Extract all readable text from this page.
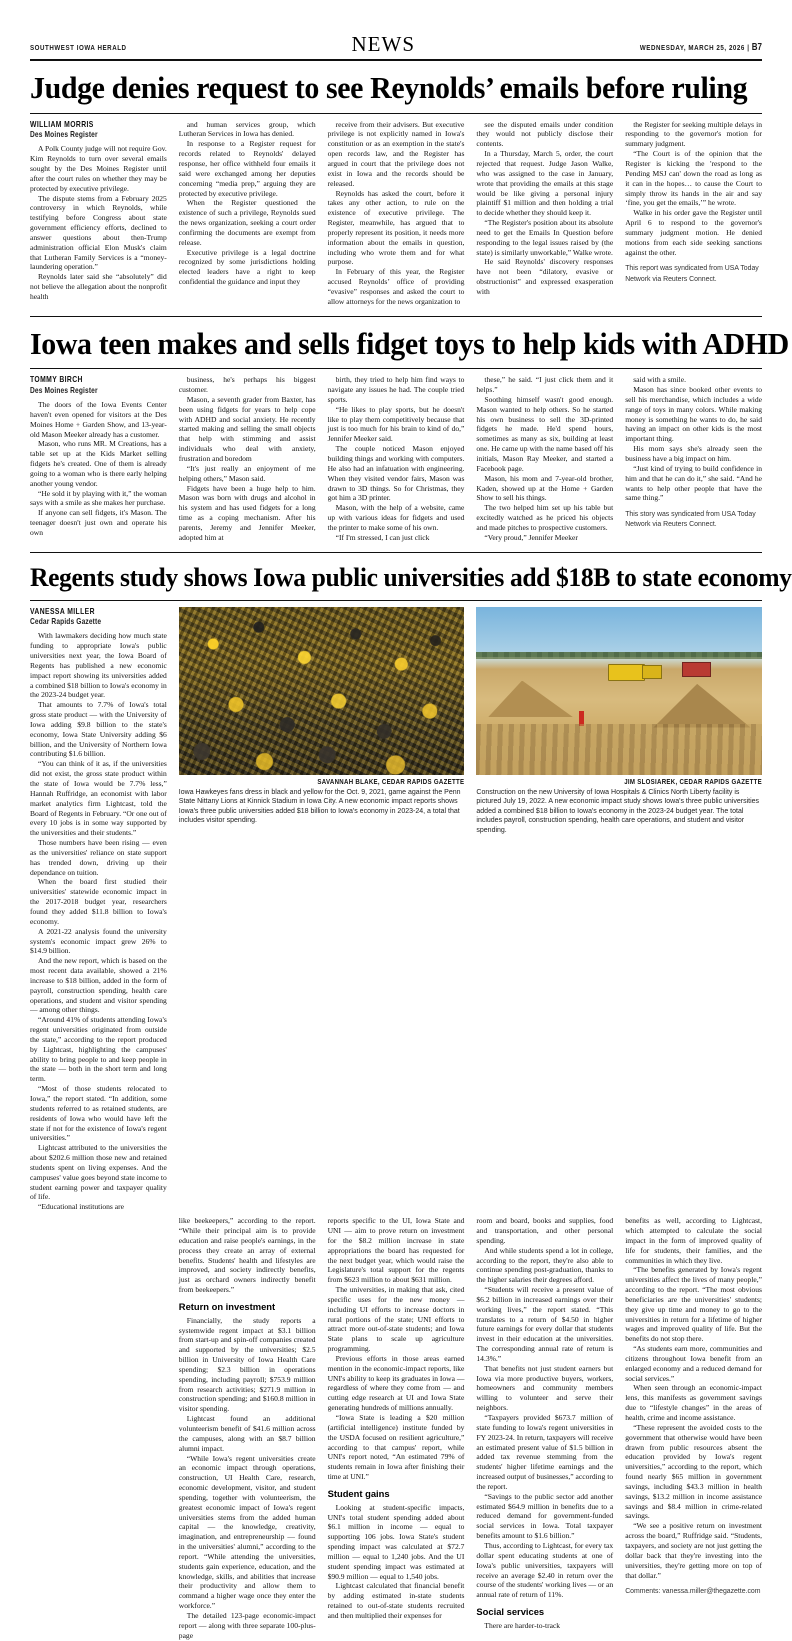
SOUTHWEST IOWA HERALD	NEWS	WEDNESDAY, MARCH 25, 2026 | B7
Judge denies request to see Reynolds’ emails before ruling
WILLIAM MORRIS
Des Moines Register

A Polk County judge will not require Gov. Kim Reynolds to turn over several emails sought by the Des Moines Register until after the court rules on whether they may be protected by executive privilege.

The dispute stems from a February 2025 controversy in which Reynolds, while testifying before Congress about state government efficiency efforts, declined to answer questions about then-Trump administration official Elon Musk's claim that Lutheran Family Services is a “money-laundering operation.”

Reynolds later said she “absolutely” did not believe the allegation about the nonprofit health

and human services group, which Lutheran Services in Iowa has denied.

In response to a Register request for records related to Reynolds' delayed response, her office withheld four emails it said were exchanged among her deputies concerning “media prep,” arguing they are protected by executive privilege.

When the Register questioned the existence of such a privilege, Reynolds sued the news organization, seeking a court order confirming the documents are exempt from release.

Executive privilege is a legal doctrine recognized by some jurisdictions holding elected leaders have a right to keep confidential the guidance and input they

receive from their advisers. But executive privilege is not explicitly named in Iowa's constitution or as an exemption in the state's open records law, and the Register has argued in court that the privilege does not exist in Iowa and the records should be released.

Reynolds has asked the court, before it takes any other action, to rule on the existence of executive privilege. The Register, meanwhile, has argued that to properly represent its position, it needs more information about the emails in question, including who wrote them and for what purpose.

In February of this year, the Register accused Reynolds’ office of providing “evasive” responses and asked the court to allow attorneys for the news organization to

see the disputed emails under condition they would not publicly disclose their contents.

In a Thursday, March 5, order, the court rejected that request. Judge Jason Walke, who was assigned to the case in January, wrote that providing the emails at this stage would be like giving a personal injury plaintiff $1 million and then holding a trial to decide whether they should keep it.

“The Register's position about its absolute need to get the Emails In Question before responding to the legal issues raised by (the state) is similarly unworkable,” Walke wrote.

He said Reynolds' discovery responses have not been “dilatory, evasive or obstructionist” and expressed exasperation with

the Register for seeking multiple delays in responding to the governor's motion for summary judgment.

“The Court is of the opinion that the Register is kicking the 'respond to the Pending MSJ can' down the road as long as it can in the hopes… to cause the Court to simply throw its hands in the air and say ‘fine, you get the emails,’” he wrote.

Walke in his order gave the Register until April 6 to respond to the governor's summary judgment motion. He denied motions from each side seeking sanctions against the other.

This report was syndicated from USA Today Network via Reuters Connect.
Iowa teen makes and sells fidget toys to help kids with ADHD
TOMMY BIRCH
Des Moines Register

The doors of the Iowa Events Center haven't even opened for visitors at the Des Moines Home + Garden Show, and 13-year-old Mason Meeker already has a customer.

Mason, who runs MR. M Creations, has a table set up at the Kids Market selling fidgets he's created. One of them is already going to a woman who is there early helping another young vendor.

“He sold it by playing with it,” the woman says with a smile as she makes her purchase.

If anyone can sell fidgets, it's Mason. The teenager doesn't just own and operate his own

business, he's perhaps his biggest customer.

Mason, a seventh grader from Baxter, has been using fidgets for years to help cope with ADHD and social anxiety. He recently started making and selling the small objects that help with stimming and assist individuals who deal with anxiety, frustration and boredom

“It's just really an enjoyment of me helping others,” Mason said.

Fidgets have been a huge help to him. Mason was born with drugs and alcohol in his system and has used fidgets for a long time as a coping mechanism. After his parents, Jeremy and Jennifer Meeker, adopted him at

birth, they tried to help him find ways to navigate any issues he had. The couple tried sports.

“He likes to play sports, but he doesn't like to play them competitively because that just is too much for his brain to kind of do,” Jennifer Meeker said.

The couple noticed Mason enjoyed building things and working with computers. He also had an infatuation with engineering. When they visited vendor fairs, Mason was drawn to 3D things. So for Christmas, they got him a 3D printer.

Mason, with the help of a website, came up with various ideas for fidgets and used the printer to make some of his own.

“If I'm stressed, I can just click

these,” he said. “I just click them and it helps.”

Soothing himself wasn't good enough. Mason wanted to help others. So he started his own business to sell the 3D-printed fidgets he made. He'd spend hours, sometimes as many as six, building at least one. He came up with the name based off his initials, Mason Ray Meeker, and started a Facebook page.

Mason, his mom and 7-year-old brother, Kaden, showed up at the Home + Garden Show to sell his things.

The two helped him set up his table but excitedly watched as he priced his objects and made pitches to prospective customers.

“Very proud,” Jennifer Meeker

said with a smile.

Mason has since booked other events to sell his merchandise, which includes a wide range of toys in many colors. While making money is something he wants to do, he said having an impact on other kids is the most important thing.

His mom says she's already seen the business have a big impact on him.

“Just kind of trying to build confidence in him and that he can do it,” she said. “And he wants to help other people that have the same thing.”

This story was syndicated from USA Today Network via Reuters Connect.
Regents study shows Iowa public universities add $18B to state economy
VANESSA MILLER
Cedar Rapids Gazette

With lawmakers deciding how much state funding to appropriate Iowa's public universities next year, the Iowa Board of Regents has published a new economic impact report showing its universities added a combined $18 billion to Iowa's economy in the 2023-24 budget year.

That amounts to 7.7% of Iowa's total gross state product — with the University of Iowa adding $9.8 billion to the state's economy, Iowa State University adding $6 billion, and the University of Northern Iowa contributing $1.6 billion.

“You can think of it as, if the universities did not exist, the gross state product within the state of Iowa would be 7.7% less,” Hannah Ruffridge, an economist with labor market analytics firm Lightcast, told the Board of Regents in February. “Or one out of every 10 jobs is in some way supported by the universities and their students.”

Those numbers have been rising — even as the universities' reliance on state support has trended down, driving up their dependance on tuition.

When the board first studied their universities' statewide economic impact in the 2017-2018 budget year, researchers found they added $11.8 billion to Iowa's economy.

A 2021-22 analysis found the university system's economic impact grew 26% to $14.9 billion.

And the new report, which is based on the most recent data available, showed a 21% increase to $18 billion, added in the form of payroll, construction spending, health care operations, and student and visitor spending — among other things.

“Around 41% of students attending Iowa's regent universities originated from outside the state,” according to the report produced by Lightcast, highlighting the campuses' ability to bring people to and keep people in the state — both in the short term and long term.

“Most of those students relocated to Iowa,” the report stated. “In addition, some students referred to as retained students, are residents of Iowa who would have left the state if not for the existence of Iowa's regent universities.”

Lightcast attributed to the universities the about $202.6 million those new and retained students spent on living expenses. And the campuses' value goes beyond state income to student earning power and taxpayer quality of life.

“Educational institutions are

SAVANNAH BLAKE, CEDAR RAPIDS GAZETTE
Iowa Hawkeyes fans dress in black and yellow for the Oct. 9, 2021, game against the Penn State Nittany Lions at Kinnick Stadium in Iowa City. A new economic impact reports shows Iowa's three public universities added $18 billion to Iowa's economy in 2023-24, a total that includes visitor spending.
JIM SLOSIAREK, CEDAR RAPIDS GAZETTE
Construction on the new University of Iowa Hospitals & Clinics North Liberty facility is pictured July 19, 2022. A new economic impact study shows Iowa's three public universities added a combined $18 billion to Iowa's economy in the 2023-24 budget year. The total includes payroll, construction spending, health care operations, and student and visitor spending.

like beekeepers,” according to the report. “While their principal aim is to provide education and raise people's earnings, in the process they create an array of external benefits. Students' health and lifestyles are improved, and society indirectly benefits, just as orchard owners indirectly benefit from beekeepers.”

Return on investment

Financially, the study reports a systemwide regent impact at $3.1 billion from start-up and spin-off companies created and supported by the universities; $2.5 billion in University of Iowa Health Care spending; $2.3 billion in operations spending, including payroll; $753.9 million from research activities; $271.9 million in construction spending; and $160.8 million in visitor spending.

Lightcast found an additional volunteerism benefit of $41.6 million across the campuses, along with an $8.7 billion alumni impact.

“While Iowa's regent universities create an economic impact through operations, construction, UI Health Care, research, economic development, visitor, and student spending, together with volunteerism, the greatest economic impact of Iowa's regent universities stems from the added human capital — the knowledge, creativity, imagination, and entrepreneurship — found in the universities' alumni,” according to the report. “While attending the universities, students gain experience, education, and the knowledge, skills, and abilities that increase their productivity and allow them to command a higher wage once they enter the workforce.”

The detailed 123-page economic-impact report — along with three separate 100-plus-page

reports specific to the UI, Iowa State and UNI — aim to prove return on investment for the $8.2 million increase in state appropriations the board has requested for the next budget year, which would raise the Legislature's total support for the regents from $623 million to about $631 million.

The universities, in making that ask, cited specific uses for the new money — including UI efforts to increase doctors in rural portions of the state; UNI efforts to attract more out-of-state students; and Iowa State plans to scale up agriculture programming.

Previous efforts in those areas earned mention in the economic-impact reports, like UNI's ability to keep its graduates in Iowa — regardless of where they come from — and cutting edge research at UI and Iowa State generating hundreds of millions annually.

“Iowa State is leading a $20 million (artificial intelligence) institute funded by the USDA focused on resilient agriculture,” according to that campus' report, while UNI's report noted, “An estimated 79% of students remain in Iowa after finishing their time at UNI.”

Student gains

Looking at student-specific impacts, UNI's total student spending added about $6.1 million in income — equal to supporting 106 jobs. Iowa State's student spending impact was calculated at $72.7 million — equal to 1,240 jobs. And the UI student spending impact was estimated at $90.9 million — equal to 1,540 jobs.

Lightcast calculated that financial benefit by adding estimated in-state students retained to out-of-state students recruited and then multiplied their expenses for

room and board, books and supplies, food and transportation, and other personal spending.

And while students spend a lot in college, according to the report, they're also able to continue spending post-graduation, thanks to the higher salaries their degrees afford.

“Students will receive a present value of $6.2 billion in increased earnings over their working lives,” the report stated. “This translates to a return of $4.50 in higher future earnings for every dollar that students invest in their education at the universities. The corresponding annual rate of return is 14.3%.”

That benefits not just student earners but Iowa via more productive buyers, workers, homeowners and community members willing to volunteer and serve their neighbors.

“Taxpayers provided $673.7 million of state funding to Iowa's regent universities in FY 2023-24. In return, taxpayers will receive an estimated present value of $1.5 billion in added tax revenue stemming from the students' higher lifetime earnings and the increased output of businesses,” according to the report.

“Savings to the public sector add another estimated $64.9 million in benefits due to a reduced demand for government-funded social services in Iowa. Total taxpayer benefits amount to $1.6 billion.”

Thus, according to Lightcast, for every tax dollar spent educating students at one of Iowa's public universities, taxpayers will receive an average $2.40 in return over the course of the students' working lives — or an annual rate of return of 11%.

Social services

There are harder-to-track

benefits as well, according to Lightcast, which attempted to calculate the social impact in the form of improved quality of life for students, their families, and the communities in which they live.

“The benefits generated by Iowa's regent universities affect the lives of many people,” according to the report. “The most obvious beneficiaries are the universities' students; they give up time and money to go to the universities in return for a lifetime of higher wages and improved quality of life. But the benefits do not stop there.

“As students earn more, communities and citizens throughout Iowa benefit from an enlarged economy and a reduced demand for social services.”

When seen through an economic-impact lens, this manifests as government savings due to “lifestyle changes” in the areas of health, crime and income assistance.

“These represent the avoided costs to the government that otherwise would have been drawn from public resources absent the education provided by Iowa's regent universities,” according to the report, which found nearly $65 million in government savings, including $43.3 million in health savings, $13.2 million in income assistance savings and $8.4 million in crime-related savings.

“We see a positive return on investment across the board,” Ruffridge said. “Students, taxpayers, and society are not just getting the dollar back that they're investing into the universities, they're getting more on top of that dollar.”

Comments: vanessa.miller@thegazette.com
